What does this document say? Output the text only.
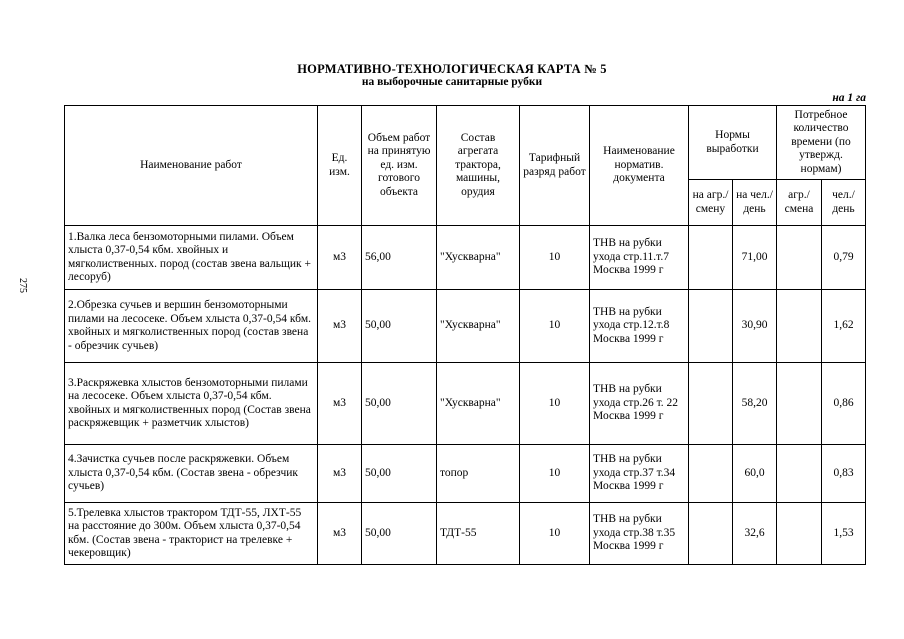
275
НОРМАТИВНО-ТЕХНОЛОГИЧЕСКАЯ КАРТА № 5
на выборочные санитарные рубки
на 1 га
Наименование работ	Ед. изм.	Объем работ на принятую ед. изм. готового объекта	Состав агрегата трактора, машины, орудия	Тарифный разряд работ	Наименование норматив. документа	Нормы выработки		Потребное количество времени (по утвержд. нормам)	
						на агр./ смену	на чел./ день	агр./ смена	чел./ день
1.Валка леса бензомоторными пилами. Объем хлыста 0,37-0,54 кбм. хвойных и мягколиственных. пород (состав звена вальщик + лесоруб)	м3	56,00	"Хускварна"	10	ТНВ на рубки ухода стр.11.т.7 Москва 1999 г		71,00		0,79
2.Обрезка сучьев и вершин бензомоторными пилами на лесосеке. Объем хлыста 0,37-0,54 кбм. хвойных и мягколиственных пород (состав звена - обрезчик сучьев)	м3	50,00	"Хускварна"	10	ТНВ на рубки ухода стр.12.т.8 Москва 1999 г		30,90		1,62
3.Раскряжевка хлыстов бензомоторными пилами на лесосеке. Объем хлыста 0,37-0,54 кбм. хвойных и мягколиственных пород (Состав звена раскряжевщик + разметчик хлыстов)	м3	50,00	"Хускварна"	10	ТНВ на рубки ухода стр.26 т. 22 Москва 1999 г		58,20		0,86
4.Зачистка сучьев после раскряжевки. Объем хлыста 0,37-0,54 кбм. (Состав звена - обрезчик сучьев)	м3	50,00	топор	10	ТНВ на рубки ухода стр.37 т.34 Москва 1999 г		60,0		0,83
5.Трелевка хлыстов трактором ТДТ-55, ЛХТ-55 на расстояние до 300м. Объем хлыста 0,37-0,54 кбм. (Состав звена - тракторист на трелевке + чекеровщик)	м3	50,00	ТДТ-55	10	ТНВ на рубки ухода стр.38 т.35 Москва 1999 г		32,6		1,53
